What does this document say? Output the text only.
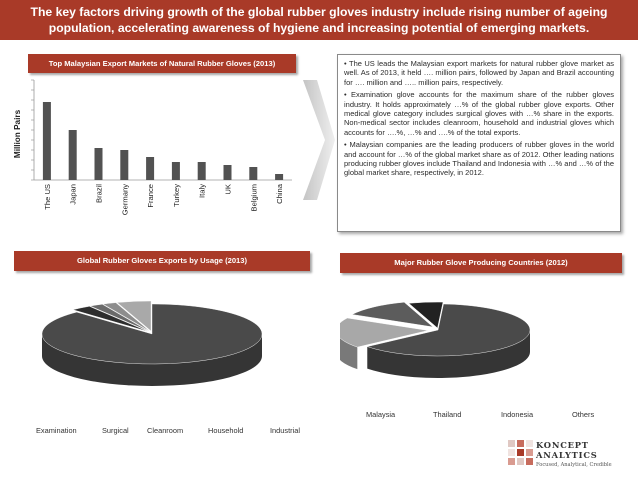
The key factors driving growth of the global rubber gloves industry include rising number of ageing
population, accelerating awareness of hygiene and increasing potential of emerging markets.
Top Malaysian Export Markets of Natural Rubber Gloves (2013)
Million Pairs
The US Japan Brazil Germany France Turkey Italy UK Belgium China

• The US leads the Malaysian export markets for natural rubber glove market as well. As of 2013, it held …. million pairs, followed by Japan and Brazil accounting for …. million and ….. million pairs, respectively.

• Examination glove accounts for the maximum share of the rubber gloves industry. It holds approximately …% of the global rubber glove exports. Other medical glove category includes surgical gloves with …% share in the exports. Non-medical sector includes cleanroom, household and industrial gloves which accounts for ….%, …% and ….% of the total exports.

• Malaysian companies are the leading producers of rubber gloves in the world and account for …% of the global market share as of 2012. Other leading nations producing rubber gloves include Thailand and Indonesia with …% and …% of the global market share, respectively, in 2012.

Global Rubber Gloves Exports by Usage (2013)	Major Rubber Glove Producing Countries (2012)
Examination	Surgical Cleanroom	Household	Industrial
Malaysia	Thailand	Indonesia	Others
KONCEPT
ANALYTICS
Focused, Analytical, Credible
